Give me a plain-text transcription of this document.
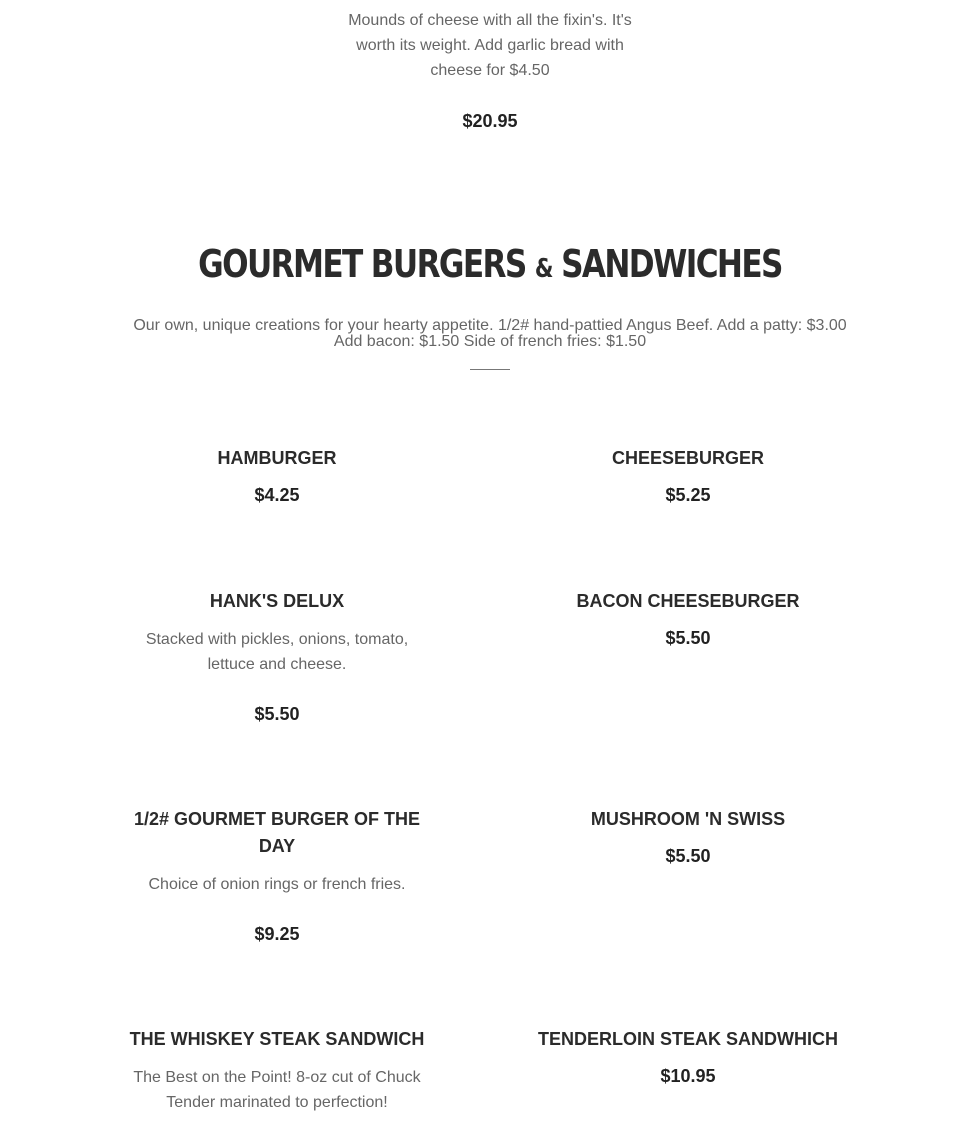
Mounds of cheese with all the fixin's. It's worth its weight. Add garlic bread with cheese for $4.50

$20.95

GOURMET BURGERS & SANDWICHES

Our own, unique creations for your hearty appetite. 1/2# hand-pattied Angus Beef. Add a patty: $3.00 Add bacon: $1.50 Side of french fries: $1.50

HAMBURGER

$4.25

CHEESEBURGER

$5.25

HANK'S DELUX

Stacked with pickles, onions, tomato, lettuce and cheese.

$5.50

BACON CHEESEBURGER

$5.50

1/2# GOURMET BURGER OF THE DAY

Choice of onion rings or french fries.

$9.25

MUSHROOM 'N SWISS

$5.50

THE WHISKEY STEAK SANDWICH

The Best on the Point! 8-oz cut of Chuck Tender marinated to perfection!

TENDERLOIN STEAK SANDWHICH

$10.95
